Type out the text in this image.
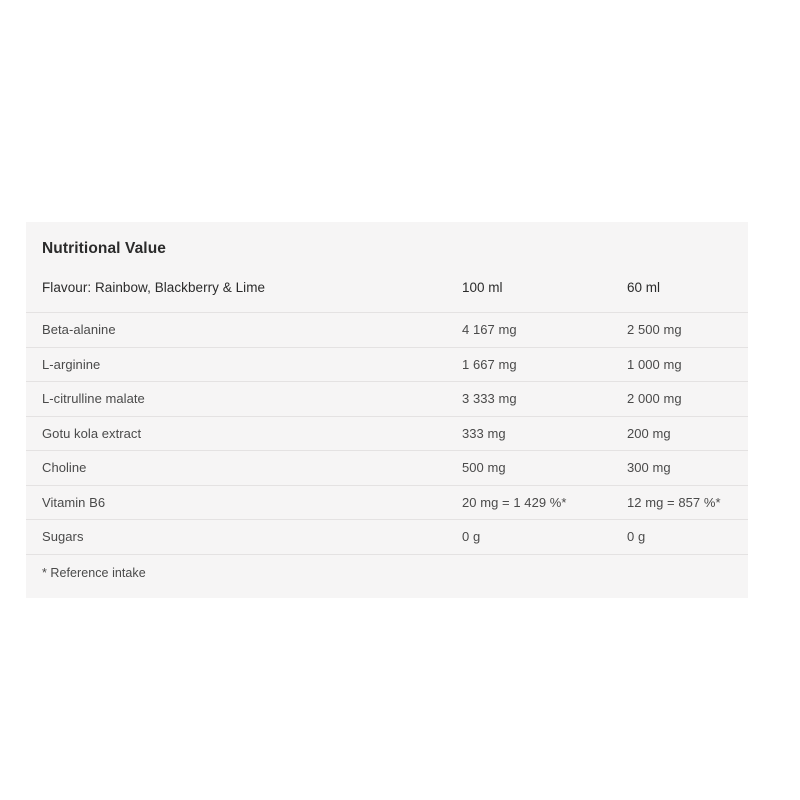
Nutritional Value
Flavour: Rainbow, Blackberry & Lime	100 ml	60 ml
Beta-alanine	4 167 mg	2 500 mg
L-arginine	1 667 mg	1 000 mg
L-citrulline malate	3 333 mg	2 000 mg
Gotu kola extract	333 mg	200 mg
Choline	500 mg	300 mg
Vitamin B6	20 mg = 1 429 %*	12 mg = 857 %*
Sugars	0 g	0 g
* Reference intake
